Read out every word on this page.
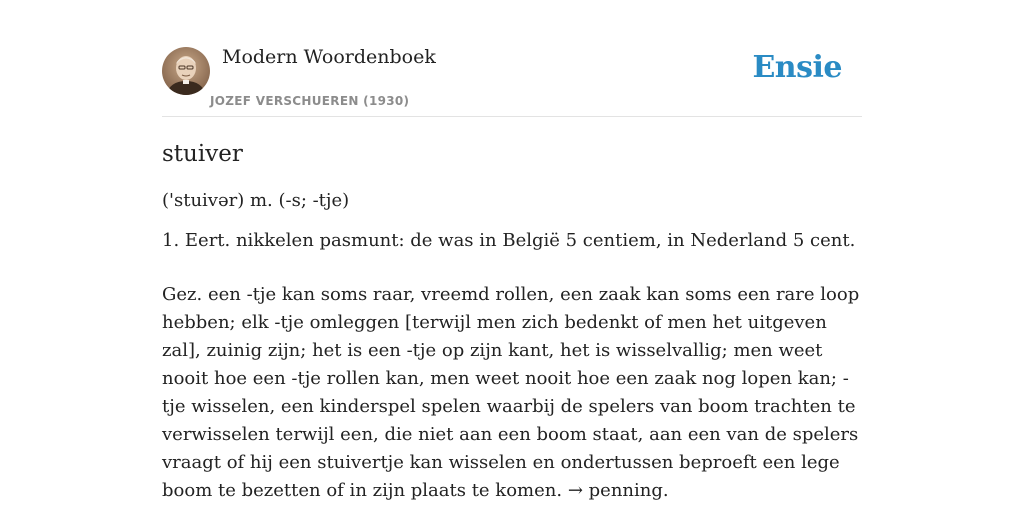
Modern Woordenboek
JOZEF VERSCHUEREN (1930)
Ensie
stuiver

('stuivər) m. (-s; -tje)

1. Eert. nikkelen pasmunt: de was in België 5 centiem, in Nederland 5 cent.

Gez. een -tje kan soms raar, vreemd rollen, een zaak kan soms een rare loop hebben; elk -tje omleggen [terwijl men zich bedenkt of men het uitgeven zal], zuinig zijn; het is een -tje op zijn kant, het is wisselvallig; men weet nooit hoe een -tje rollen kan, men weet nooit hoe een zaak nog lopen kan; -tje wisselen, een kinderspel spelen waarbij de spelers van boom trachten te verwisselen terwijl een, die niet aan een boom staat, aan een van de spelers vraagt of hij een stuivertje kan wisselen en ondertussen beproeft een lege boom te bezetten of in zijn plaats te komen. → penning.
